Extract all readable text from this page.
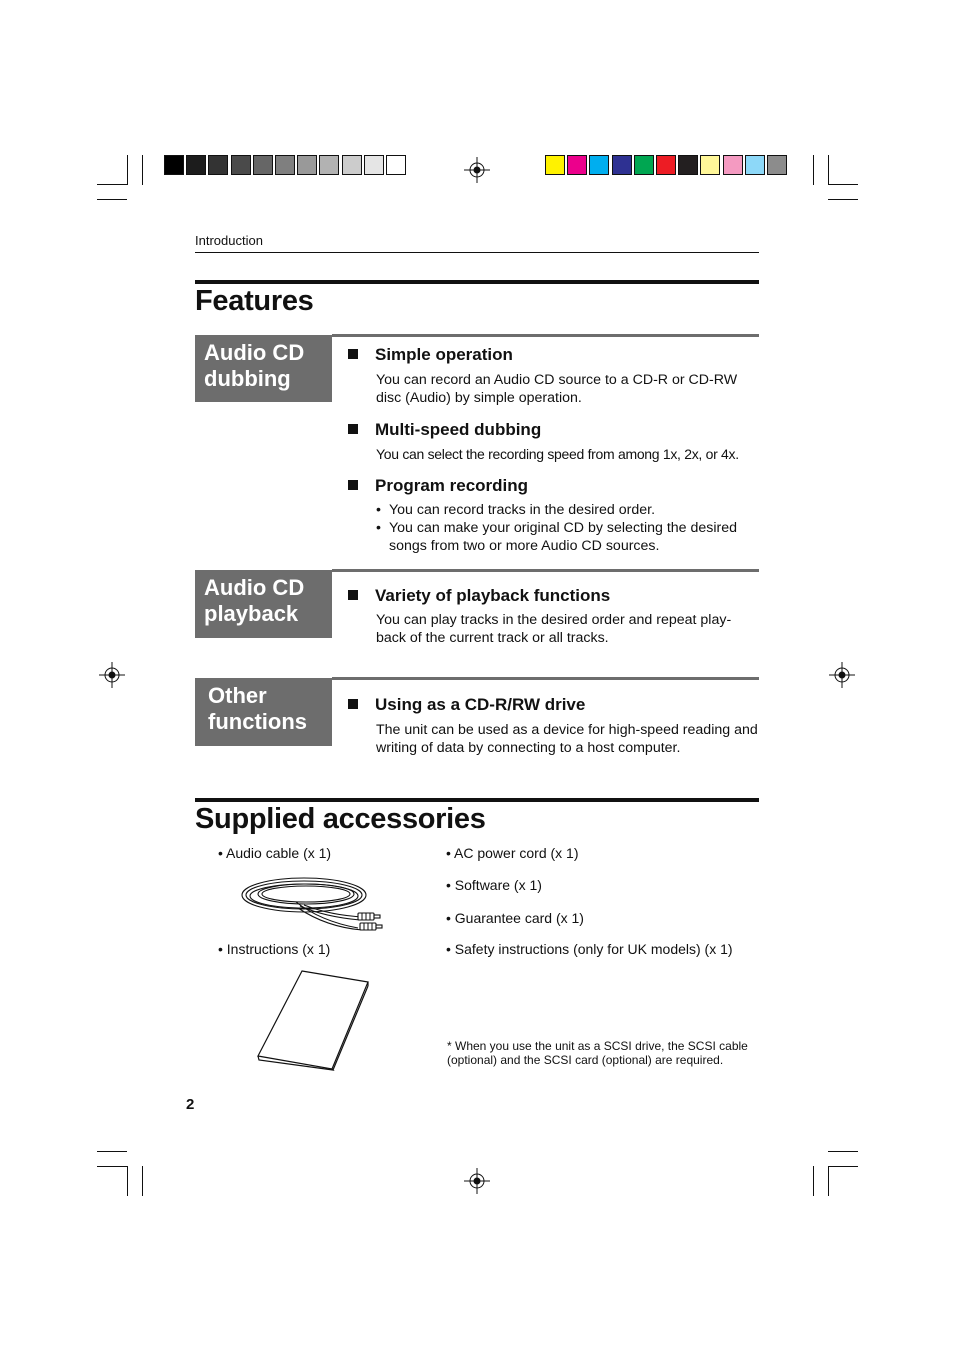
Introduction
Features
Audio CD
dubbing
Simple operation
You can record an Audio CD source to a CD-R or CD-RW disc (Audio) by simple operation.
Multi-speed dubbing
You can select the recording speed from among 1x, 2x, or 4x.
Program recording
• You can record tracks in the desired order.
• You can make your original CD by selecting the desired songs from two or more Audio CD sources.
Audio CD
playback
Variety of playback functions
You can play tracks in the desired order and repeat play-back of the current track or all tracks.
Other
functions
Using as a CD-R/RW drive
The unit can be used as a device for high-speed reading and writing of data by connecting to a host computer.
Supplied accessories
• Audio cable (x 1)
• Instructions (x 1)
• AC power cord (x 1)
• Software (x 1)
• Guarantee card (x 1)
• Safety instructions (only for UK models) (x 1)
* When you use the unit as a SCSI drive, the SCSI cable (optional) and the SCSI card (optional) are required.
2
